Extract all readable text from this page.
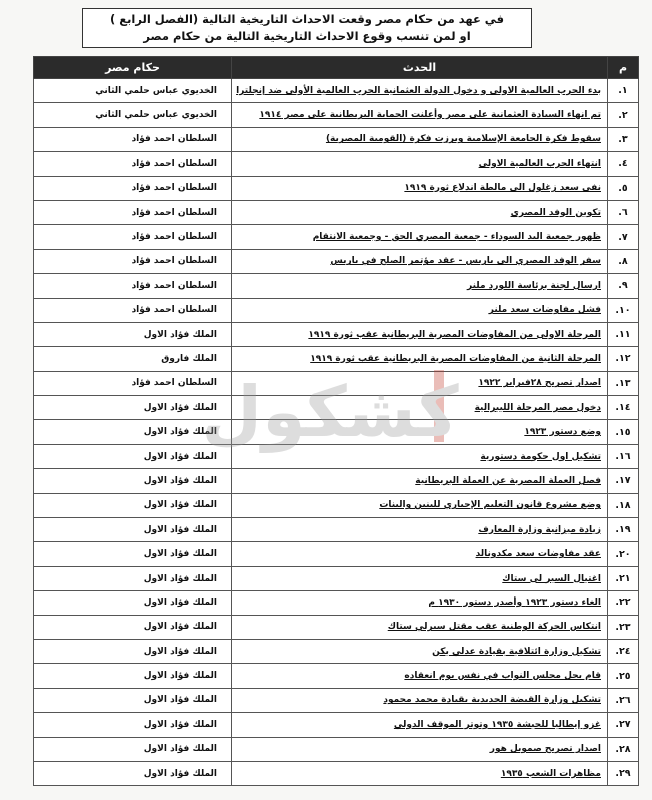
في عهد من حكام مصر وقعت الاحداث التاريخية التالية (الفصل الرابع )
او لمن تنسب وقوع الاحداث التاريخية التالية من حكام مصر
م	الحدث	حكام مصر
١.	بدء الحرب العالمية الاولى و دخول الدولة العثمانية الحرب العالمية الأولى ضد إنجلترا	الخديوي عباس حلمي الثاني
٢.	تم انهاء السيادة العثمانية على مصر وأعلنت الحماية البريطانية على مصر ١٩١٤	الخديوي عباس حلمي الثاني
٣.	سقوط فكرة الجامعة الإسلامية وبرزت فكرة (القومية المصرية)	السلطان احمد فؤاد
٤.	انتهاء الحرب العالمية الاولى	السلطان احمد فؤاد
٥.	نفى سعد زغلول الى مالطة اندلاع ثورة ١٩١٩	السلطان احمد فؤاد
٦.	تكوين الوفد المصري	السلطان احمد فؤاد
٧.	ظهور جمعية اليد السوداء - جمعية المصري الحق - وجمعية الانتقام	السلطان احمد فؤاد
٨.	سفر الوفد المصري الى باريس - عقد مؤتمر الصلح في باريس	السلطان احمد فؤاد
٩.	ارسال لجنة برئاسة اللورد ملنر	السلطان احمد فؤاد
١٠.	فشل مفاوضات سعد ملنر	السلطان احمد فؤاد
١١.	المرحلة الاولى من المفاوضات المصرية البريطانية عقب ثورة ١٩١٩	الملك فؤاد الاول
١٢.	المرحلة الثانية من المفاوضات المصرية البريطانية عقب ثورة ١٩١٩	الملك فاروق
١٣.	اصدار تصريح ٢٨فبراير ١٩٢٢	السلطان احمد فؤاد
١٤.	دخول مصر المرحلة الليبرالية	الملك فؤاد الاول
١٥.	وضع دستور ١٩٢٣	الملك فؤاد الاول
١٦.	تشكيل اول حكومة دستورية	الملك فؤاد الاول
١٧.	فصل العملة المصرية عن العملة البريطانية	الملك فؤاد الاول
١٨.	وضع مشروع قانون التعليم الإجباري للبنين والبنات	الملك فؤاد الاول
١٩.	زيادة ميزانية وزارة المعارف	الملك فؤاد الاول
٢٠.	عقد مفاوضات سعد مكدونالد	الملك فؤاد الاول
٢١.	اغتيال السير لى ستاك	الملك فؤاد الاول
٢٢.	الغاء دستور ١٩٢٣ وأصدر دستور ١٩٣٠ م	الملك فؤاد الاول
٢٣.	انتكاس الحركة الوطنية عقب مقتل سيرلي ستاك	الملك فؤاد الاول
٢٤.	تشكيل وزارة ائتلافية بقيادة عدلي يكن	الملك فؤاد الاول
٢٥.	قام بحل مجلس النواب في نفس يوم انعقاده	الملك فؤاد الاول
٢٦.	تشكيل وزارة القبضة الحديدية بقيادة محمد محمود	الملك فؤاد الاول
٢٧.	غزو إيطاليا للحبشة ١٩٣٥ وتوتر الموقف الدولي	الملك فؤاد الاول
٢٨.	اصدار تصريح صمويل هور	الملك فؤاد الاول
٢٩.	مظاهرات الشعب ١٩٣٥	الملك فؤاد الاول
كشكول
